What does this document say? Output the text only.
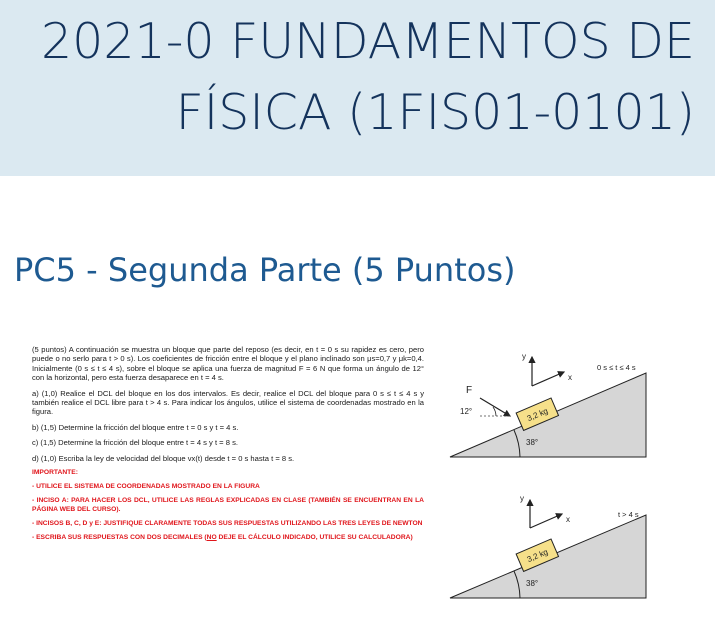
2021-0 FUNDAMENTOS DE
FÍSICA (1FIS01-0101)
PC5 - Segunda Parte (5 Puntos)

(5 puntos) A continuación se muestra un bloque que parte del reposo (es decir, en t = 0 s su rapidez es cero, pero puede o no serlo para t > 0 s). Los coeficientes de fricción entre el bloque y el plano inclinado son μs=0,7 y μk=0,4. Inicialmente (0 s ≤ t ≤ 4 s), sobre el bloque se aplica una fuerza de magnitud F = 6 N que forma un ángulo de 12° con la horizontal, pero esta fuerza desaparece en t = 4 s.

a) (1,0) Realice el DCL del bloque en los dos intervalos. Es decir, realice el DCL del bloque para 0 s ≤ t ≤ 4 s y también realice el DCL libre para t > 4 s. Para indicar los ángulos, utilice el sistema de coordenadas mostrado en la figura.

b) (1,5) Determine la fricción del bloque entre t = 0 s y t = 4 s.

c) (1,5) Determine la fricción del bloque entre t = 4 s y t = 8 s.

d) (1,0) Escriba la ley de velocidad del bloque vx(t) desde t = 0 s hasta t = 8 s.

IMPORTANTE:

- UTILICE EL SISTEMA DE COORDENADAS MOSTRADO EN LA FIGURA

- INCISO A: PARA HACER LOS DCL, UTILICE LAS REGLAS EXPLICADAS EN CLASE (TAMBIÉN SE ENCUENTRAN EN LA PÁGINA WEB DEL CURSO).

- INCISOS B, C, D y E: JUSTIFIQUE CLARAMENTE TODAS SUS RESPUESTAS UTILIZANDO LAS TRES LEYES DE NEWTON

- ESCRIBA SUS RESPUESTAS CON DOS DECIMALES (NO DEJE EL CÁLCULO INDICADO, UTILICE SU CALCULADORA)

38°
3,2 kg
F
12°
y
x
0 s ≤ t ≤ 4 s
38°
3,2 kg
y
x
t > 4 s
